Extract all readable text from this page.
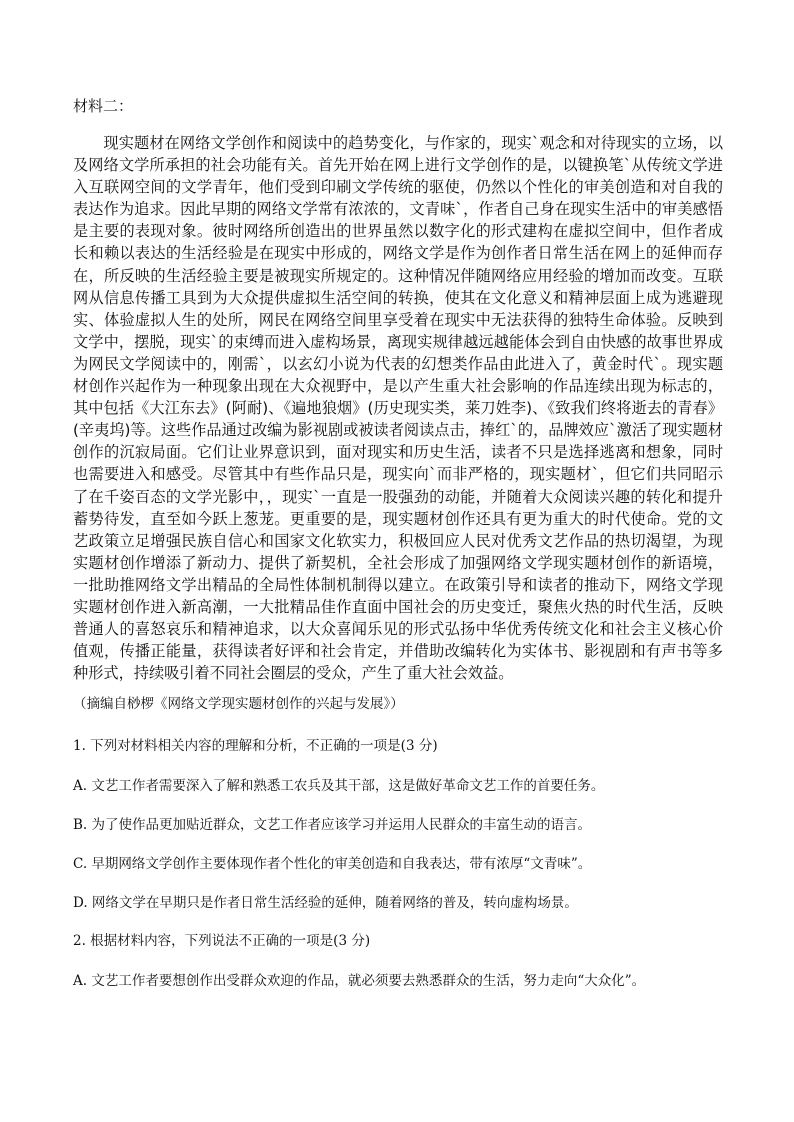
材料二：
现实题材在网络文学创作和阅读中的趋势变化，与作家的，现实`观念和对待现实的立场，以及网络文学所承担的社会功能有关。首先开始在网上进行文学创作的是，以键换笔`从传统文学进入互联网空间的文学青年，他们受到印刷文学传统的驱使，仍然以个性化的审美创造和对自我的表达作为追求。因此早期的网络文学常有浓浓的，文青味`，作者自己身在现实生活中的审美感悟是主要的表现对象。彼时网络所创造出的世界虽然以数字化的形式建构在虚拟空间中，但作者成长和赖以表达的生活经验是在现实中形成的，网络文学是作为创作者日常生活在网上的延伸而存在，所反映的生活经验主要是被现实所规定的。这种情况伴随网络应用经验的增加而改变。互联网从信息传播工具到为大众提供虚拟生活空间的转换，使其在文化意义和精神层面上成为逃避现实、体验虚拟人生的处所，网民在网络空间里享受着在现实中无法获得的独特生命体验。反映到文学中，摆脱，现实`的束缚而进入虚构场景，离现实规律越远越能体会到自由快感的故事世界成为网民文学阅读中的，刚需`，以玄幻小说为代表的幻想类作品由此进入了，黄金时代`。现实题材创作兴起作为一种现象出现在大众视野中，是以产生重大社会影响的作品连续出现为标志的，其中包括《大江东去》(阿耐)、《遍地狼烟》(历史现实类，莱刀姓李)、《致我们终将逝去的青春》(辛夷坞)等。这些作品通过改编为影视剧或被读者阅读点击，捧红`的，品牌效应`激活了现实题材创作的沉寂局面。它们让业界意识到，面对现实和历史生活，读者不只是选择逃离和想象，同时也需要进入和感受。尽管其中有些作品只是，现实向`而非严格的，现实题材`，但它们共同昭示了在千姿百态的文学光影中，，现实`一直是一股强劲的动能，并随着大众阅读兴趣的转化和提升蓄势待发，直至如今跃上葱茏。更重要的是，现实题材创作还具有更为重大的时代使命。党的文艺政策立足增强民族自信心和国家文化软实力，积极回应人民对优秀文艺作品的热切渴望，为现实题材创作增添了新动力、提供了新契机，全社会形成了加强网络文学现实题材创作的新语境，一批助推网络文学出精品的全局性体制机制得以建立。在政策引导和读者的推动下，网络文学现实题材创作进入新高潮，一大批精品佳作直面中国社会的历史变迁，聚焦火热的时代生活，反映普通人的喜怒哀乐和精神追求，以大众喜闻乐见的形式弘扬中华优秀传统文化和社会主义核心价值观，传播正能量，获得读者好评和社会肯定，并借助改编转化为实体书、影视剧和有声书等多种形式，持续吸引着不同社会圈层的受众，产生了重大社会效益。
（摘编自桫椤《网络文学现实题材创作的兴起与发展》）
1. 下列对材料相关内容的理解和分析，不正确的一项是(3 分)
A. 文艺工作者需要深入了解和熟悉工农兵及其干部，这是做好革命文艺工作的首要任务。
B. 为了使作品更加贴近群众，文艺工作者应该学习并运用人民群众的丰富生动的语言。
C. 早期网络文学创作主要体现作者个性化的审美创造和自我表达，带有浓厚“文青味”。
D. 网络文学在早期只是作者日常生活经验的延伸，随着网络的普及，转向虚构场景。
2. 根据材料内容，下列说法不正确的一项是(3 分)
A. 文艺工作者要想创作出受群众欢迎的作品，就必须要去熟悉群众的生活，努力走向“大众化”。
